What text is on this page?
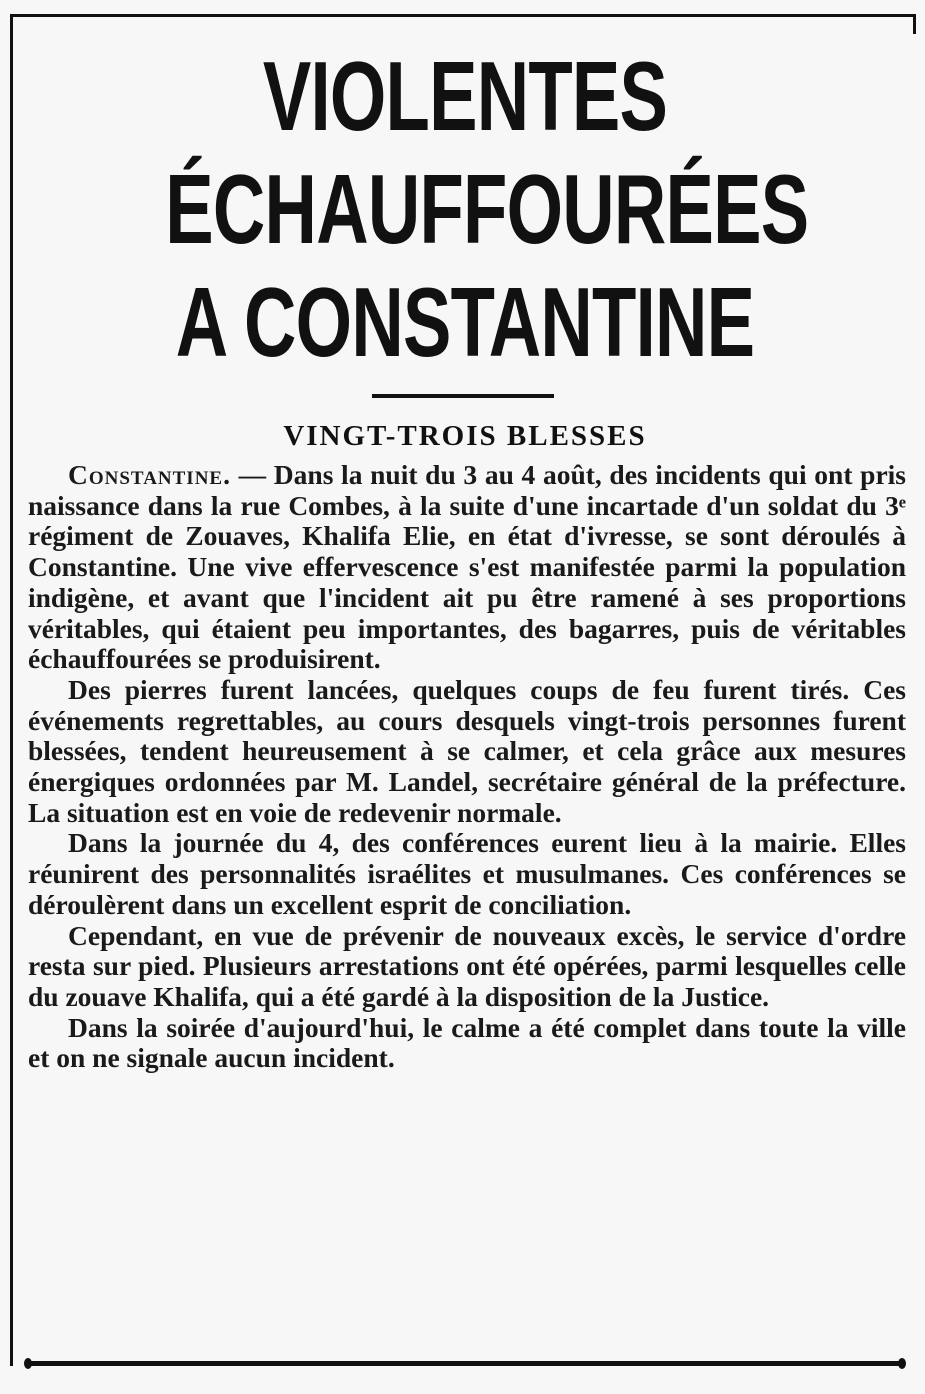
VIOLENTES
ÉCHAUFFOURÉES
A CONSTANTINE
VINGT-TROIS BLESSES

Constantine. — Dans la nuit du 3 au 4 août, des incidents qui ont pris naissance dans la rue Combes, à la suite d'une incartade d'un soldat du 3ᵉ régiment de Zouaves, Khalifa Elie, en état d'ivresse, se sont déroulés à Constantine. Une vive effervescence s'est manifestée parmi la population indigène, et avant que l'incident ait pu être ramené à ses proportions véritables, qui étaient peu importantes, des bagarres, puis de véritables échauffourées se produisirent.

Des pierres furent lancées, quelques coups de feu furent tirés. Ces événements regrettables, au cours desquels vingt-trois personnes furent blessées, tendent heureusement à se calmer, et cela grâce aux mesures énergiques ordonnées par M. Landel, secrétaire général de la préfecture. La situation est en voie de redevenir normale.

Dans la journée du 4, des conférences eurent lieu à la mairie. Elles réunirent des personnalités israélites et musulmanes. Ces conférences se déroulèrent dans un excellent esprit de conciliation.

Cependant, en vue de prévenir de nouveaux excès, le service d'ordre resta sur pied. Plusieurs arrestations ont été opérées, parmi lesquelles celle du zouave Khalifa, qui a été gardé à la disposition de la Justice.

Dans la soirée d'aujourd'hui, le calme a été complet dans toute la ville et on ne signale aucun incident.
